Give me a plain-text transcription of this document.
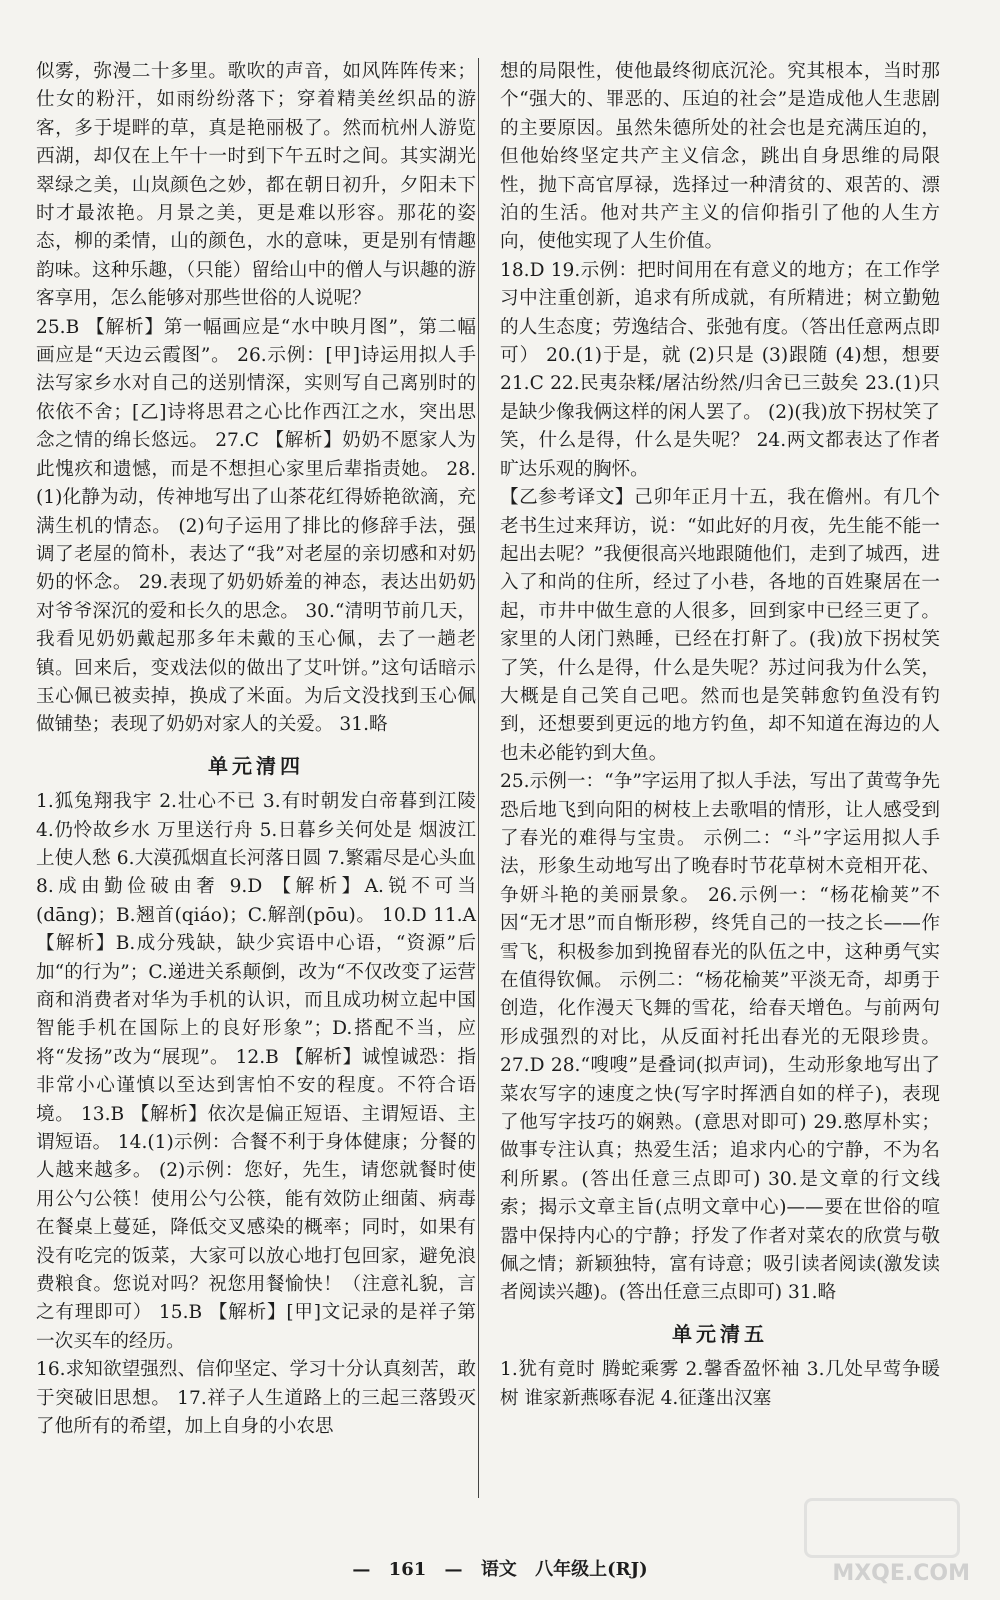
似雾，弥漫二十多里。歌吹的声音，如风阵阵传来；仕女的粉汗，如雨纷纷落下；穿着精美丝织品的游客，多于堤畔的草，真是艳丽极了。然而杭州人游览西湖，却仅在上午十一时到下午五时之间。其实湖光翠绿之美，山岚颜色之妙，都在朝日初升，夕阳未下时才最浓艳。月景之美，更是难以形容。那花的姿态，柳的柔情，山的颜色，水的意味，更是别有情趣韵味。这种乐趣，（只能）留给山中的僧人与识趣的游客享用，怎么能够对那些世俗的人说呢？

25.B 【解析】第一幅画应是“水中映月图”，第二幅画应是“天边云霞图”。 26.示例：[甲]诗运用拟人手法写家乡水对自己的送别情深，实则写自己离别时的依依不舍；[乙]诗将思君之心比作西江之水，突出思念之情的绵长悠远。 27.C 【解析】奶奶不愿家人为此愧疚和遗憾，而是不想担心家里后辈指责她。 28.(1)化静为动，传神地写出了山茶花红得娇艳欲滴，充满生机的情态。 (2)句子运用了排比的修辞手法，强调了老屋的简朴，表达了“我”对老屋的亲切感和对奶奶的怀念。 29.表现了奶奶娇羞的神态，表达出奶奶对爷爷深沉的爱和长久的思念。 30.“清明节前几天，我看见奶奶戴起那多年未戴的玉心佩，去了一趟老镇。回来后，变戏法似的做出了艾叶饼。”这句话暗示玉心佩已被卖掉，换成了米面。为后文没找到玉心佩做铺垫；表现了奶奶对家人的关爱。 31.略

单元清四

1.狐兔翔我宇 2.壮心不已 3.有时朝发白帝暮到江陵 4.仍怜故乡水 万里送行舟 5.日暮乡关何处是 烟波江上使人愁 6.大漠孤烟直长河落日圆 7.繁霜尽是心头血 8.成由勤俭破由奢 9.D 【解析】A.锐不可当(dāng)；B.翘首(qiáo)；C.解剖(pōu)。 10.D 11.A 【解析】B.成分残缺，缺少宾语中心语，“资源”后加“的行为”；C.递进关系颠倒，改为“不仅改变了运营商和消费者对华为手机的认识，而且成功树立起中国智能手机在国际上的良好形象”；D.搭配不当，应将“发扬”改为“展现”。 12.B 【解析】诚惶诚恐：指非常小心谨慎以至达到害怕不安的程度。不符合语境。 13.B 【解析】依次是偏正短语、主谓短语、主谓短语。 14.(1)示例：合餐不利于身体健康；分餐的人越来越多。 (2)示例：您好，先生，请您就餐时使用公勺公筷！使用公勺公筷，能有效防止细菌、病毒在餐桌上蔓延，降低交叉感染的概率；同时，如果有没有吃完的饭菜，大家可以放心地打包回家，避免浪费粮食。您说对吗？祝您用餐愉快！（注意礼貌，言之有理即可） 15.B 【解析】[甲]文记录的是祥子第一次买车的经历。

16.求知欲望强烈、信仰坚定、学习十分认真刻苦，敢于突破旧思想。 17.祥子人生道路上的三起三落毁灭了他所有的希望，加上自身的小农思

想的局限性，使他最终彻底沉沦。究其根本，当时那个“强大的、罪恶的、压迫的社会”是造成他人生悲剧的主要原因。虽然朱德所处的社会也是充满压迫的，但他始终坚定共产主义信念，跳出自身思维的局限性，抛下高官厚禄，选择过一种清贫的、艰苦的、漂泊的生活。他对共产主义的信仰指引了他的人生方向，使他实现了人生价值。

18.D 19.示例：把时间用在有意义的地方；在工作学习中注重创新，追求有所成就，有所精进；树立勤勉的人生态度；劳逸结合、张弛有度。（答出任意两点即可） 20.(1)于是，就 (2)只是 (3)跟随 (4)想，想要 21.C 22.民夷杂糅/屠沽纷然/归舍已三鼓矣 23.(1)只是缺少像我俩这样的闲人罢了。 (2)(我)放下拐杖笑了笑，什么是得，什么是失呢？ 24.两文都表达了作者旷达乐观的胸怀。

【乙参考译文】己卯年正月十五，我在儋州。有几个老书生过来拜访，说：“如此好的月夜，先生能不能一起出去呢？”我便很高兴地跟随他们，走到了城西，进入了和尚的住所，经过了小巷，各地的百姓聚居在一起，市井中做生意的人很多，回到家中已经三更了。家里的人闭门熟睡，已经在打鼾了。(我)放下拐杖笑了笑，什么是得，什么是失呢？苏过问我为什么笑，大概是自己笑自己吧。然而也是笑韩愈钓鱼没有钓到，还想要到更远的地方钓鱼，却不知道在海边的人也未必能钓到大鱼。

25.示例一：“争”字运用了拟人手法，写出了黄莺争先恐后地飞到向阳的树枝上去歌唱的情形，让人感受到了春光的难得与宝贵。 示例二：“斗”字运用拟人手法，形象生动地写出了晚春时节花草树木竞相开花、争妍斗艳的美丽景象。 26.示例一：“杨花榆荚”不因“无才思”而自惭形秽，终凭自己的一技之长——作雪飞，积极参加到挽留春光的队伍之中，这种勇气实在值得钦佩。 示例二：“杨花榆荚”平淡无奇，却勇于创造，化作漫天飞舞的雪花，给春天增色。与前两句形成强烈的对比，从反面衬托出春光的无限珍贵。 27.D 28.“嗖嗖”是叠词(拟声词)，生动形象地写出了菜农写字的速度之快(写字时挥洒自如的样子)，表现了他写字技巧的娴熟。(意思对即可) 29.憨厚朴实；做事专注认真；热爱生活；追求内心的宁静，不为名利所累。(答出任意三点即可) 30.是文章的行文线索；揭示文章主旨(点明文章中心)——要在世俗的喧嚣中保持内心的宁静；抒发了作者对菜农的欣赏与敬佩之情；新颖独特，富有诗意；吸引读者阅读(激发读者阅读兴趣)。(答出任意三点即可) 31.略

单元清五

1.犹有竟时 腾蛇乘雾 2.馨香盈怀袖 3.几处早莺争暖树 谁家新燕啄春泥 4.征蓬出汉塞

— 161 — 语文 八年级上(RJ)	MXQE.COM
